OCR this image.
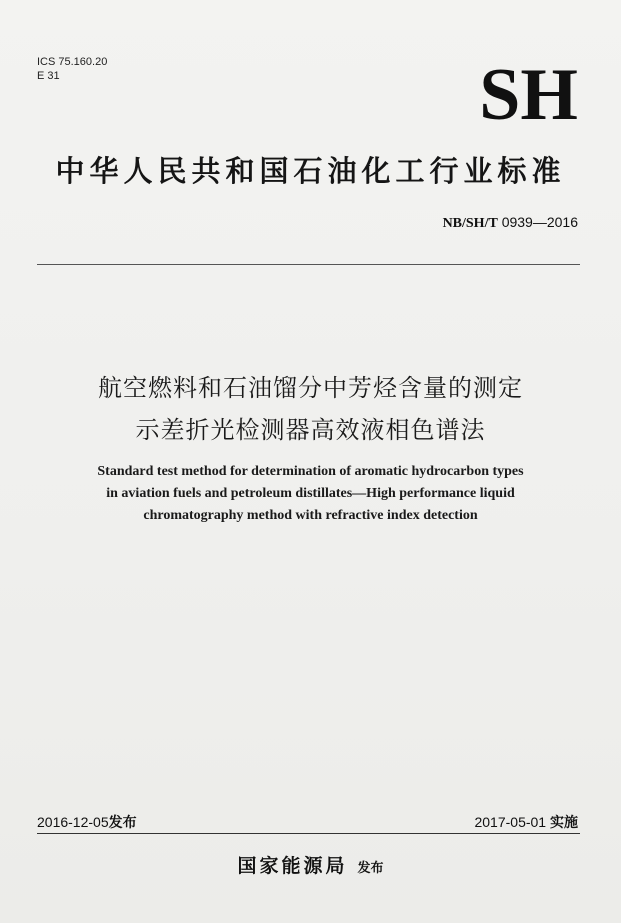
ICS 75.160.20
E 31	SH
中华人民共和国石油化工行业标准
NB/SH/T 0939—2016
航空燃料和石油馏分中芳烃含量的测定
示差折光检测器高效液相色谱法
Standard test method for determination of aromatic hydrocarbon types
in aviation fuels and petroleum distillates—High performance liquid
chromatography method with refractive index detection
2016-12-05发布	2017-05-01 实施
国家能源局 发布
